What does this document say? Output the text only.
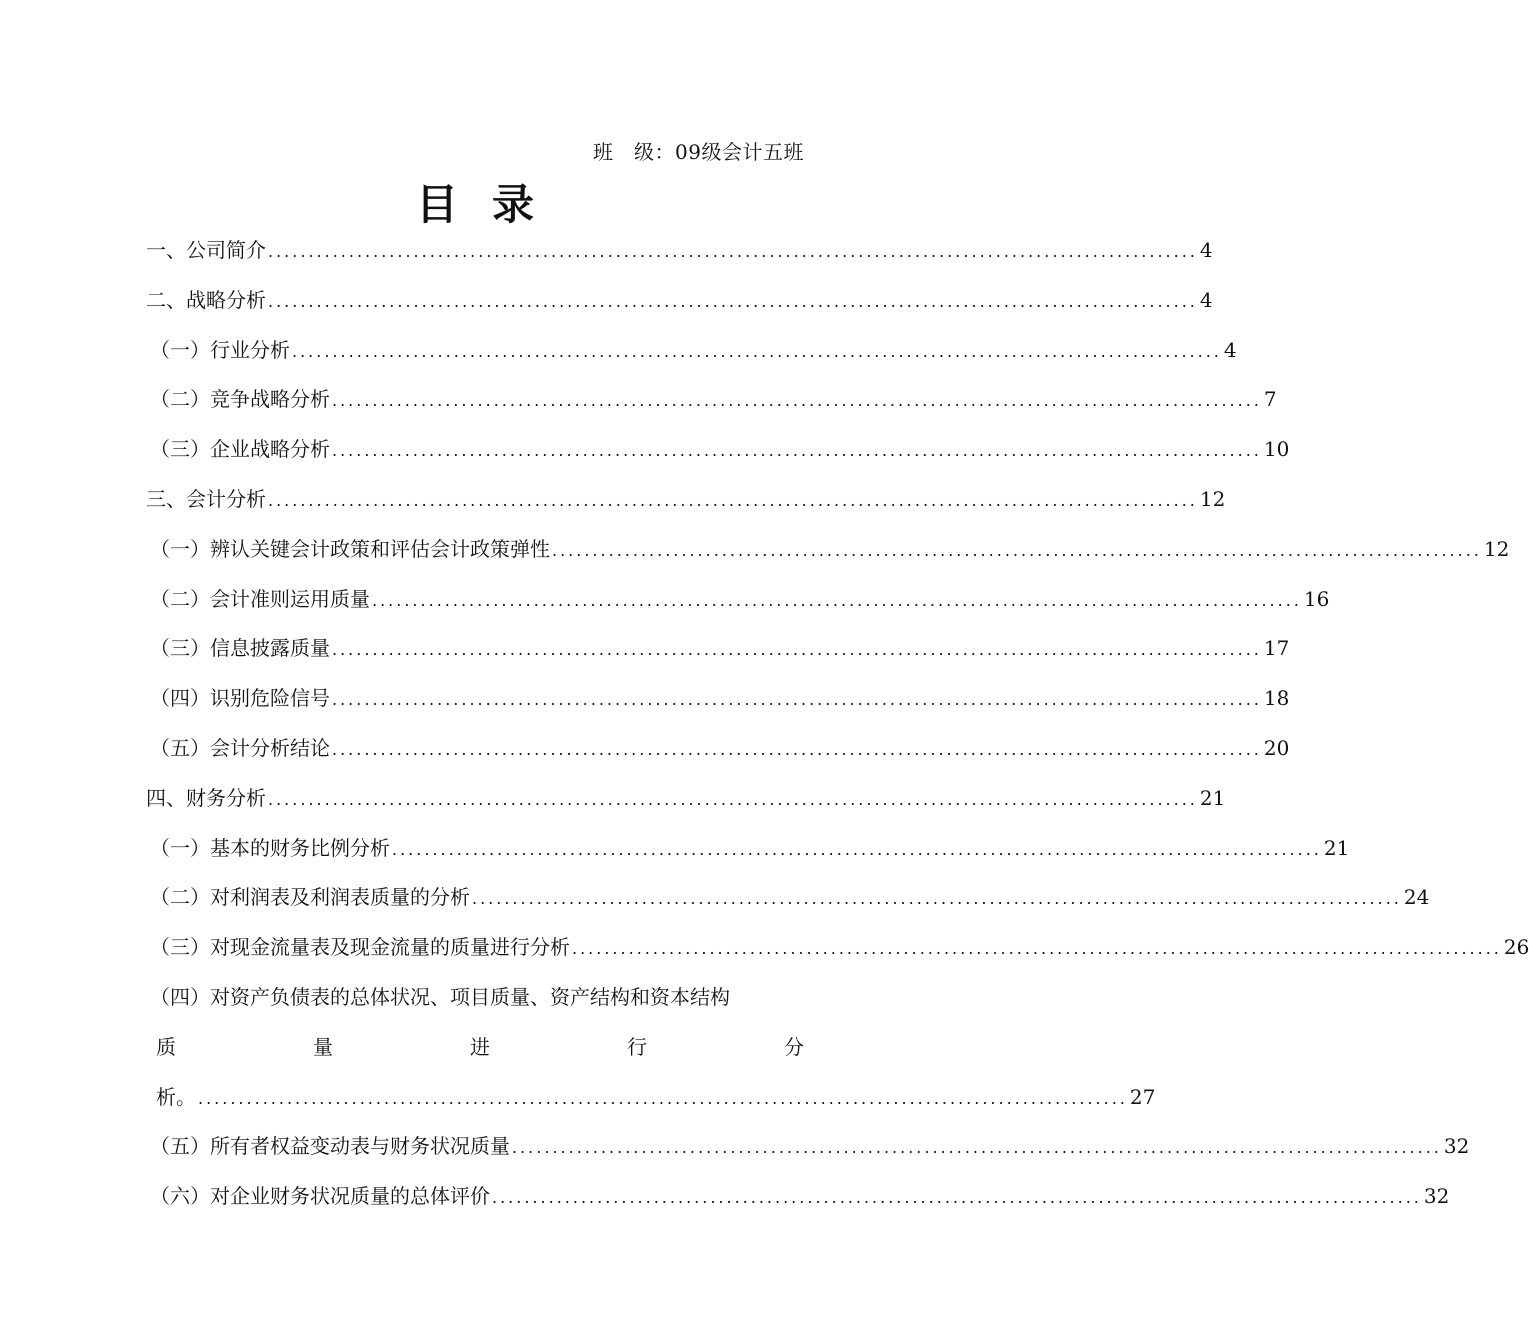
班   级：09级会计五班
目录
一、公司简介 ................................................................................................................... 4
二、战略分析 ................................................................................................................... 4
（一）行业分析 ................................................................................................................... 4
（二）竞争战略分析 ................................................................................................................... 7
（三）企业战略分析 ................................................................................................................... 10
三、会计分析 ................................................................................................................... 12
（一）辨认关键会计政策和评估会计政策弹性 ................................................................................................................... 12
（二）会计准则运用质量 ................................................................................................................... 16
（三）信息披露质量 ................................................................................................................... 17
（四）识别危险信号 ................................................................................................................... 18
（五）会计分析结论 ................................................................................................................... 20
四、财务分析 ................................................................................................................... 21
（一）基本的财务比例分析 ................................................................................................................... 21
（二）对利润表及利润表质量的分析 ................................................................................................................... 24
（三）对现金流量表及现金流量的质量进行分析 ................................................................................................................... 26
（四）对资产负债表的总体状况、项目质量、资产结构和资本结构
质	量	进	行	分
析。 ................................................................................................................... 27
（五）所有者权益变动表与财务状况质量 ................................................................................................................... 32
（六）对企业财务状况质量的总体评价 ................................................................................................................... 32
